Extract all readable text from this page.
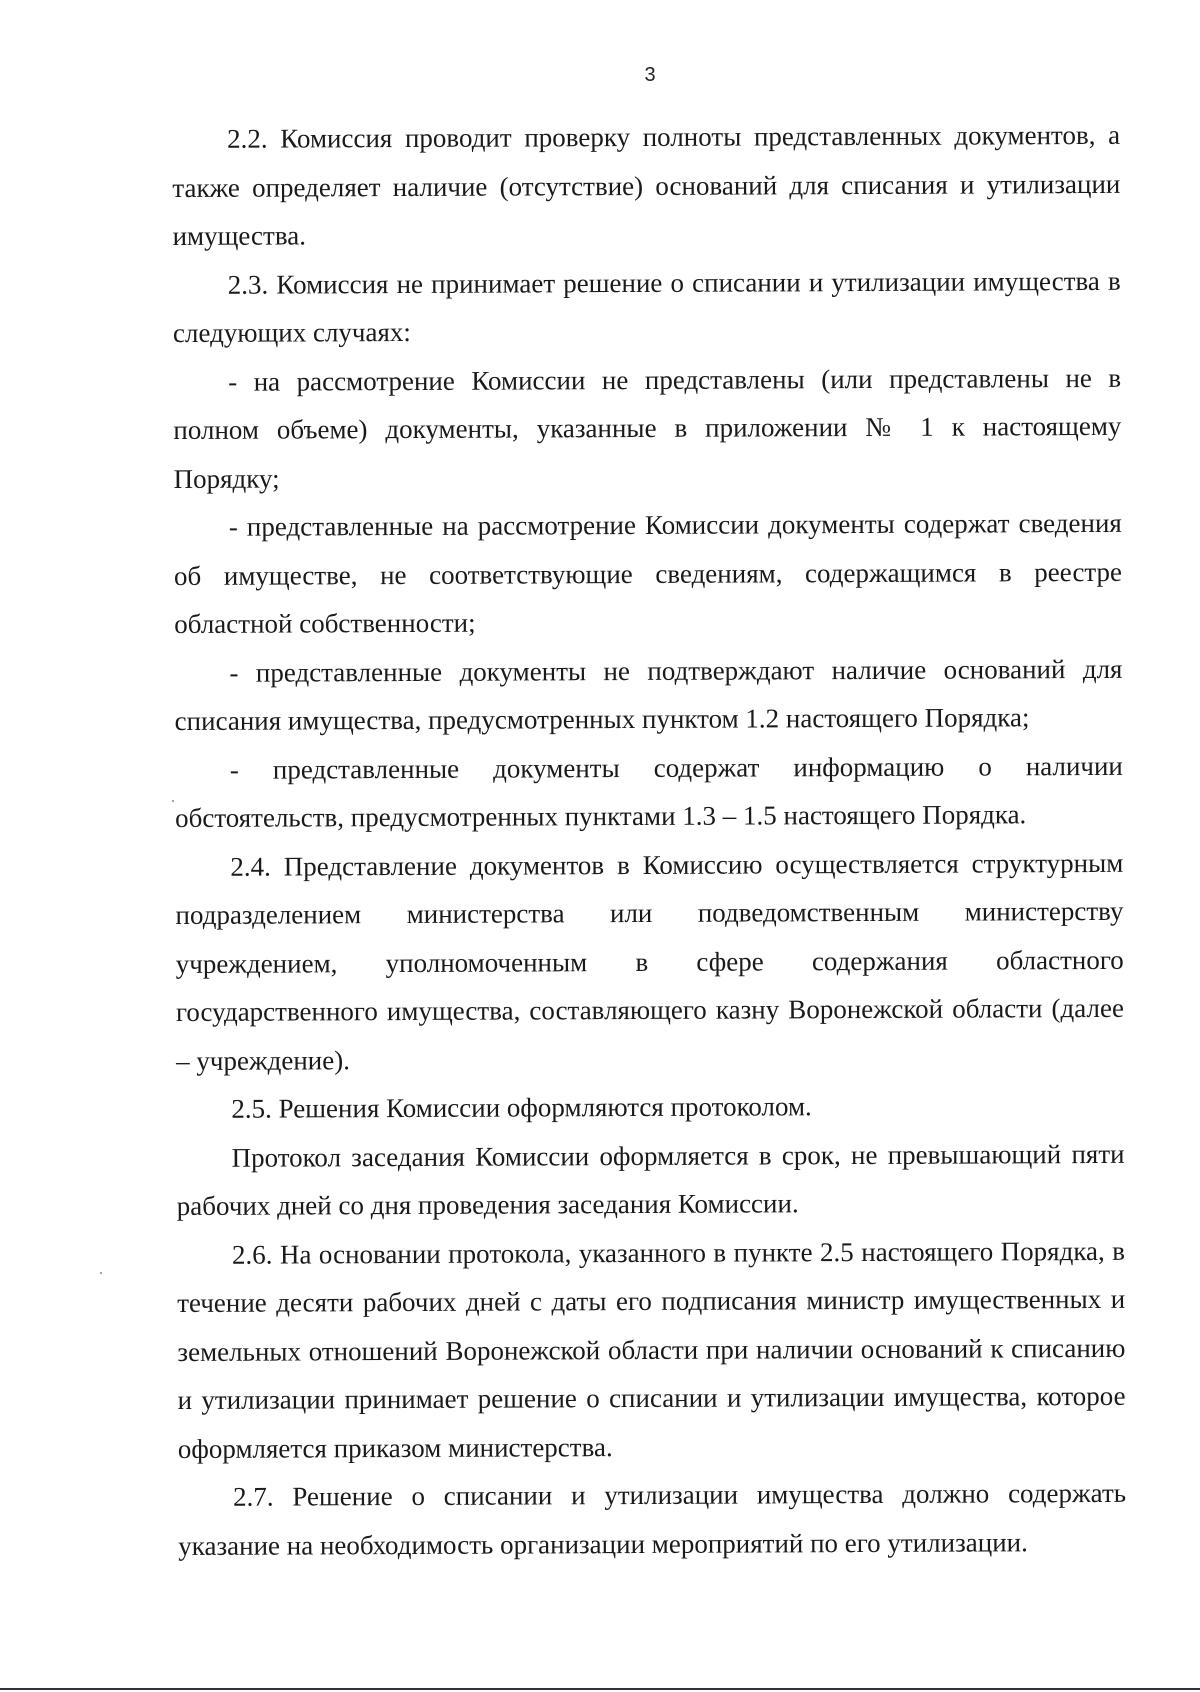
3

2.2. Комиссия проводит проверку полноты представленных документов, а также определяет наличие (отсутствие) оснований для списания и утилизации имущества.

2.3. Комиссия не принимает решение о списании и утилизации имущества в следующих случаях:

- на рассмотрение Комиссии не представлены (или представлены не в полном объеме) документы, указанные в приложении № 1 к настоящему Порядку;

- представленные на рассмотрение Комиссии документы содержат сведения об имуществе, не соответствующие сведениям, содержащимся в реестре областной собственности;

- представленные документы не подтверждают наличие оснований для списания имущества, предусмотренных пунктом 1.2 настоящего Порядка;

- представленные документы содержат информацию о наличии обстоятельств, предусмотренных пунктами 1.3 – 1.5 настоящего Порядка.

2.4. Представление документов в Комиссию осуществляется структурным подразделением министерства или подведомственным министерству учреждением, уполномоченным в сфере содержания областного государственного имущества, составляющего казну Воронежской области (далее – учреждение).

2.5. Решения Комиссии оформляются протоколом.

Протокол заседания Комиссии оформляется в срок, не превышающий пяти рабочих дней со дня проведения заседания Комиссии.

2.6. На основании протокола, указанного в пункте 2.5 настоящего Порядка, в течение десяти рабочих дней с даты его подписания министр имущественных и земельных отношений Воронежской области при наличии оснований к списанию и утилизации принимает решение о списании и утилизации имущества, которое оформляется приказом министерства.

2.7. Решение о списании и утилизации имущества должно содержать указание на необходимость организации мероприятий по его утилизации.
